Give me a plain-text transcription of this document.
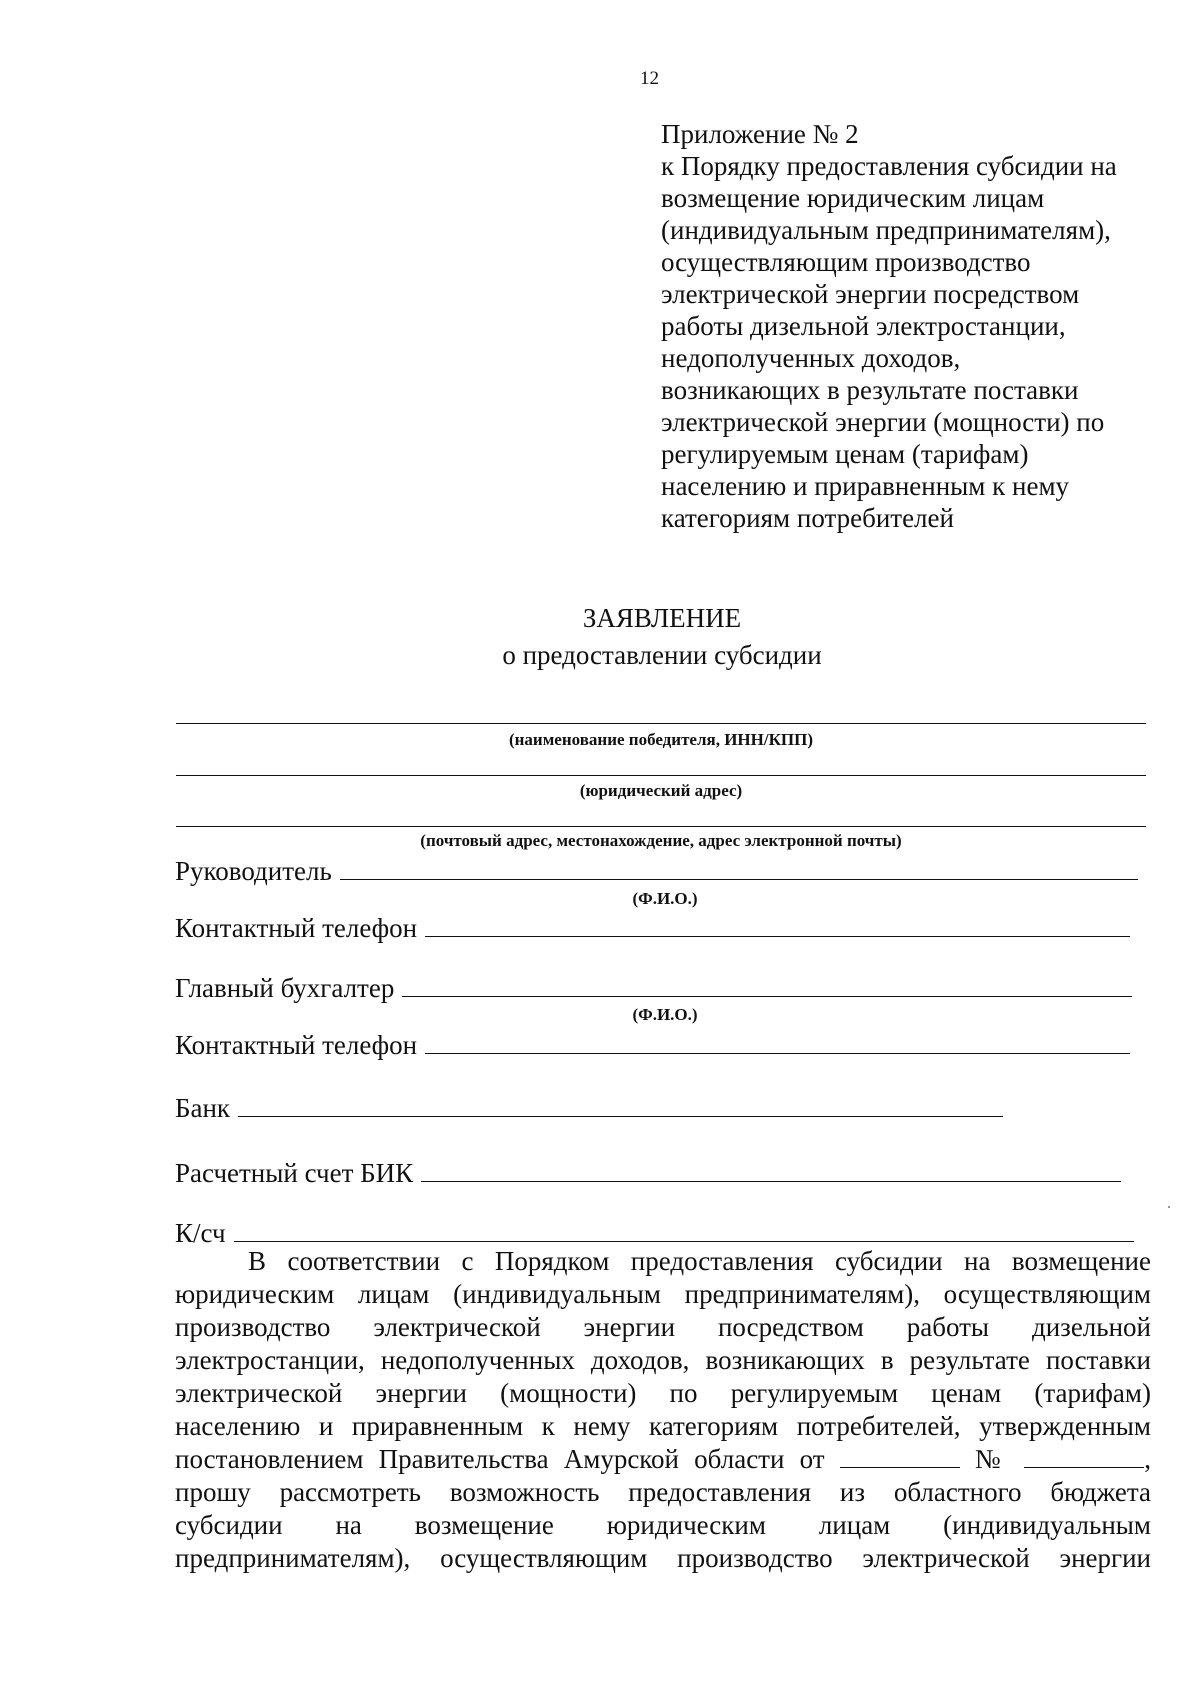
12
Приложение № 2
к Порядку предоставления субсидии на
возмещение юридическим лицам
(индивидуальным предпринимателям),
осуществляющим производство
электрической энергии посредством
работы дизельной электростанции,
недополученных доходов,
возникающих в результате поставки
электрической энергии (мощности) по
регулируемым ценам (тарифам)
населению и приравненным к нему
категориям потребителей
ЗАЯВЛЕНИЕ
о предоставлении субсидии
(наименование победителя, ИНН/КПП)
(юридический адрес)
(почтовый адрес, местонахождение, адрес электронной почты)
Руководитель
(Ф.И.О.)
Контактный телефон
Главный бухгалтер
(Ф.И.О.)
Контактный телефон
Банк
Расчетный счет БИК
К/сч
В соответствии с Порядком предоставления субсидии на возмещение
юридическим лицам (индивидуальным предпринимателям), осуществляющим
производство электрической энергии посредством работы дизельной
электростанции, недополученных доходов, возникающих в результате поставки
электрической энергии (мощности) по регулируемым ценам (тарифам)
населению и приравненным к нему категориям потребителей, утвержденным
постановлением Правительства Амурской области от	№	,
прошу рассмотреть возможность предоставления из областного бюджета
субсидии на возмещение юридическим лицам (индивидуальным
предпринимателям), осуществляющим производство электрической энергии
